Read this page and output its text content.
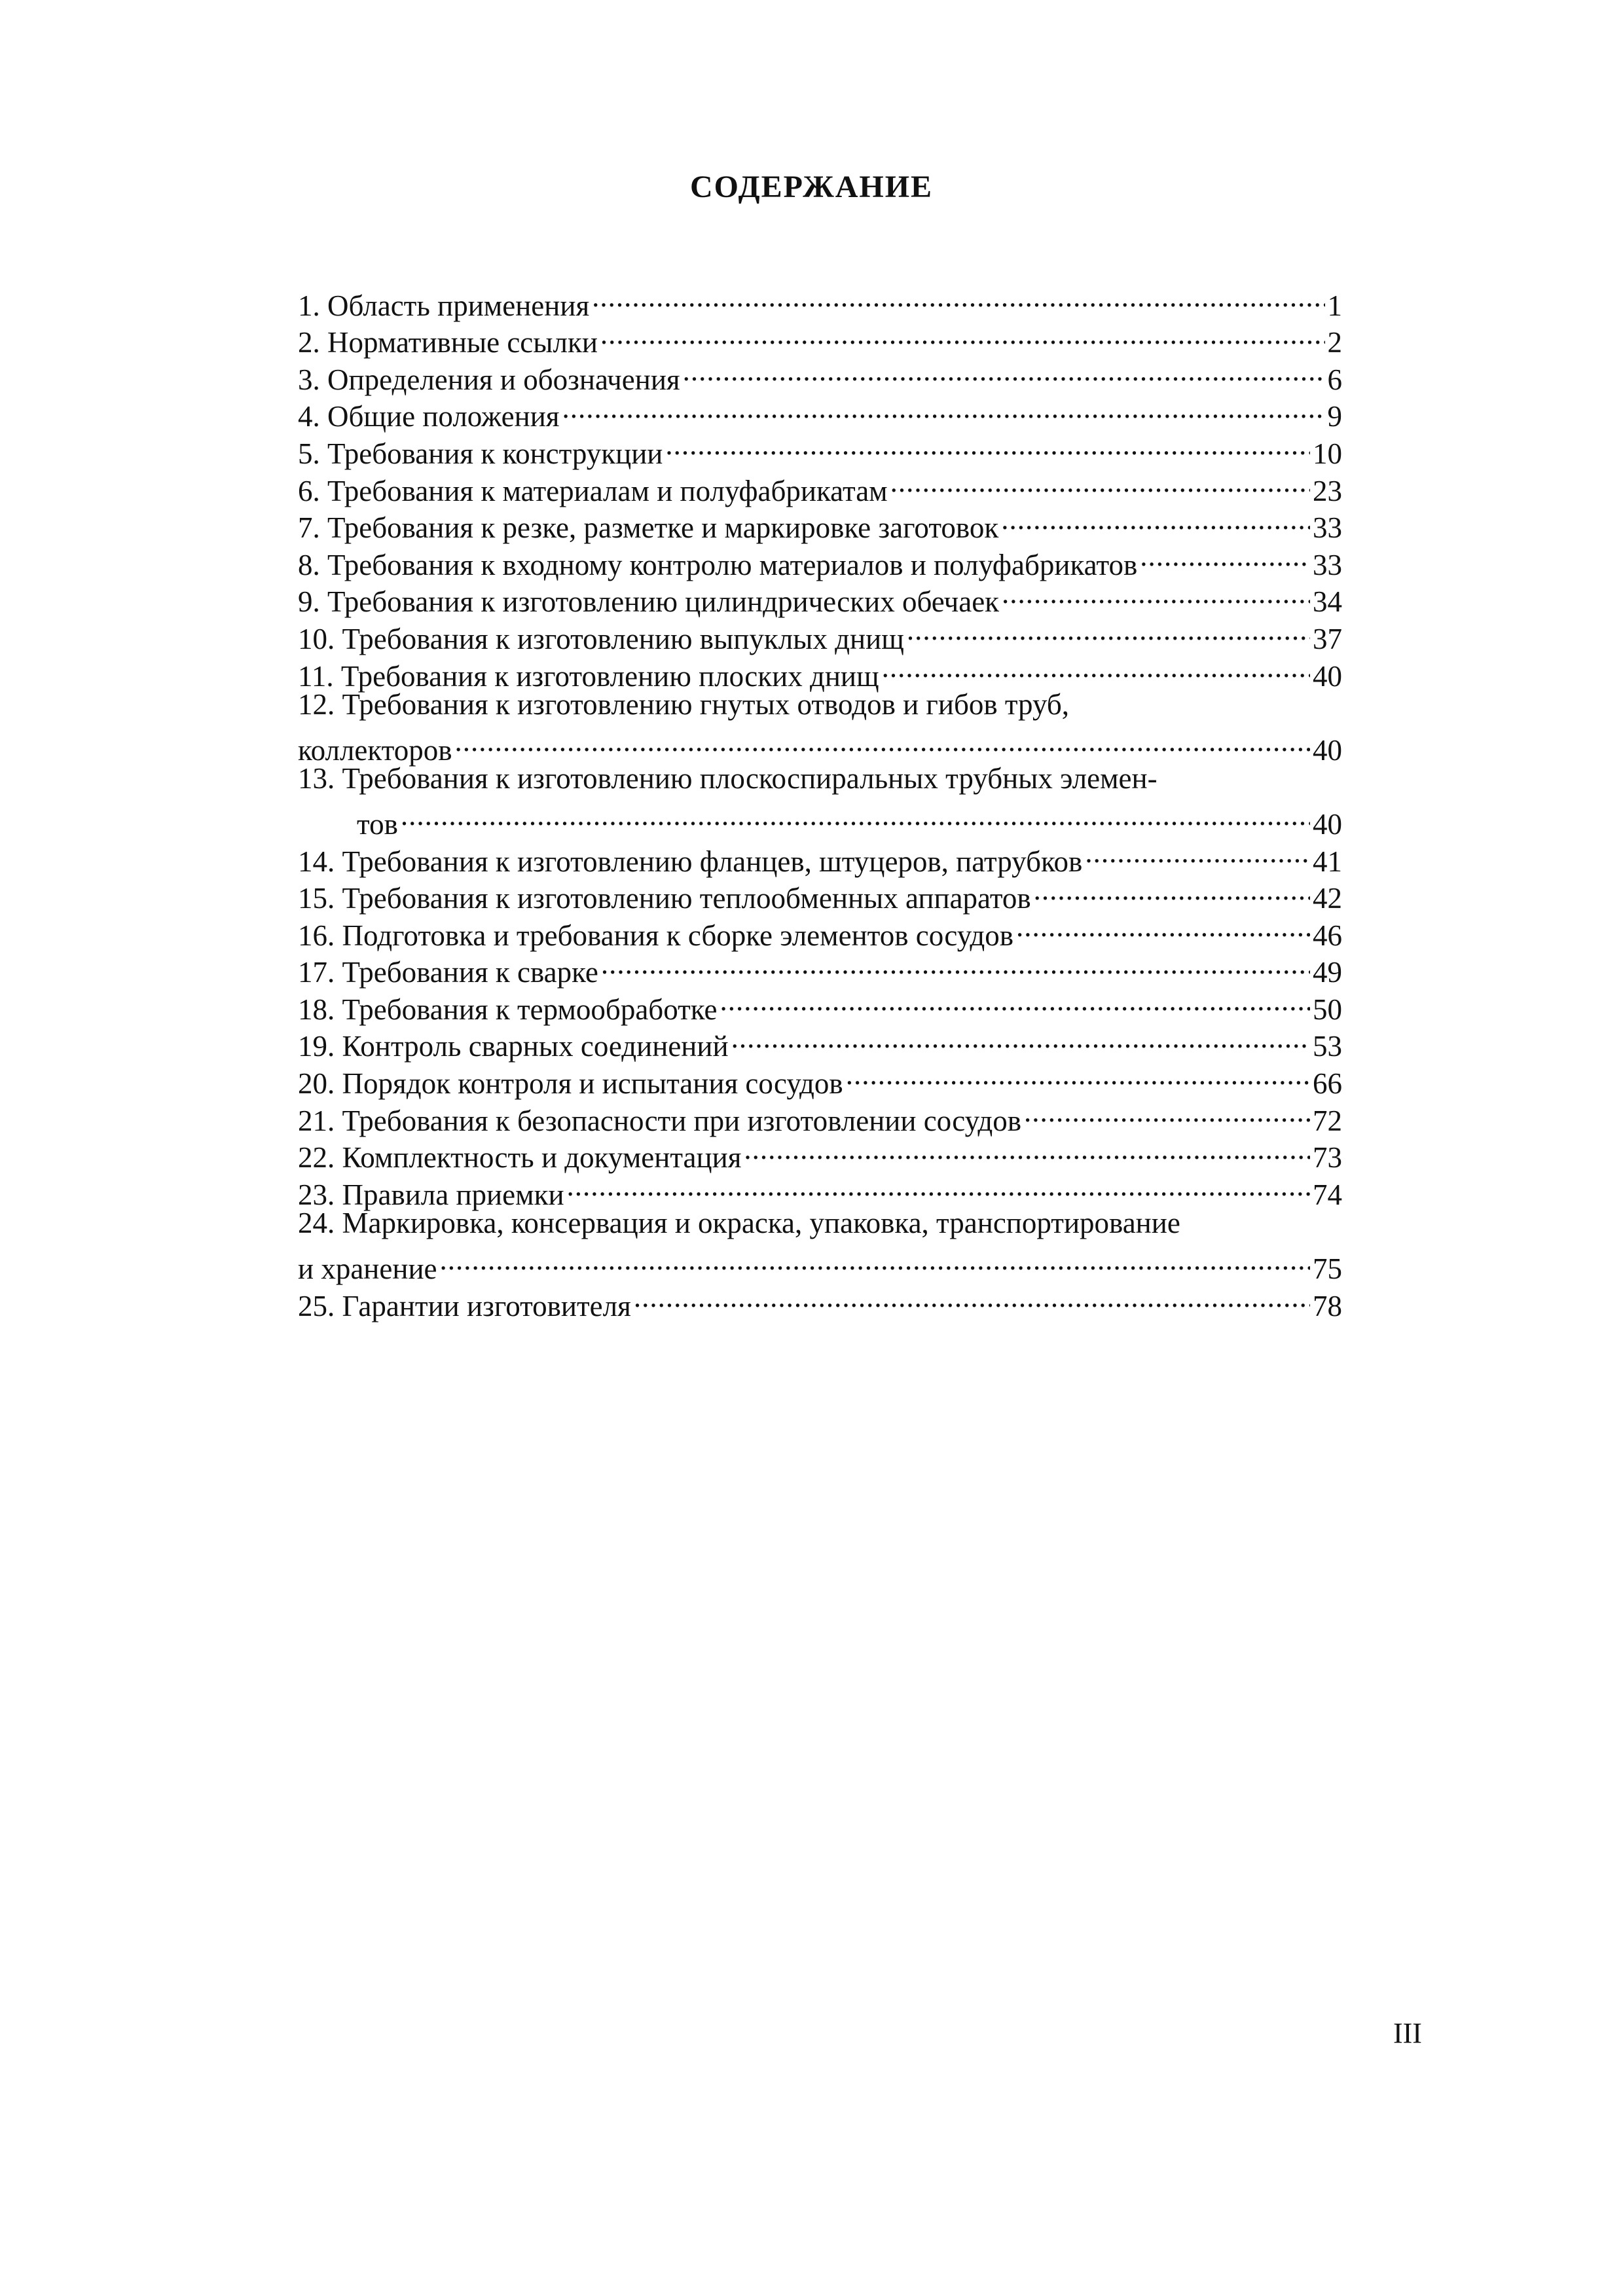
СОДЕРЖАНИЕ
1. Область применения .....	1
2. Нормативные ссылки .....	2
3. Определения и обозначения .....	6
4. Общие положения .....	9
5. Требования к конструкции .....	10
6. Требования к материалам и полуфабрикатам .....	23
7. Требования к резке, разметке и маркировке заготовок .....	33
8. Требования к входному контролю материалов и полуфабрикатов .....	33
9. Требования к изготовлению цилиндрических обечаек .....	34
10. Требования к изготовлению выпуклых днищ .....	37
11. Требования к изготовлению плоских днищ .....	40
12. Требования к изготовлению гнутых отводов и гибов труб,
коллекторов .....	40
13. Требования к изготовлению плоскоспиральных трубных элемен-
тов .....	40
14. Требования к изготовлению фланцев, штуцеров, патрубков .....	41
15. Требования к изготовлению теплообменных аппаратов .....	42
16. Подготовка и требования к сборке элементов сосудов .....	46
17. Требования к сварке .....	49
18. Требования к термообработке .....	50
19. Контроль сварных соединений .....	53
20. Порядок контроля и испытания сосудов .....	66
21. Требования к безопасности при изготовлении сосудов .....	72
22. Комплектность и документация .....	73
23. Правила приемки .....	74
24. Маркировка, консервация и окраска, упаковка, транспортирование
и хранение .....	75
25. Гарантии изготовителя .....	78
III
